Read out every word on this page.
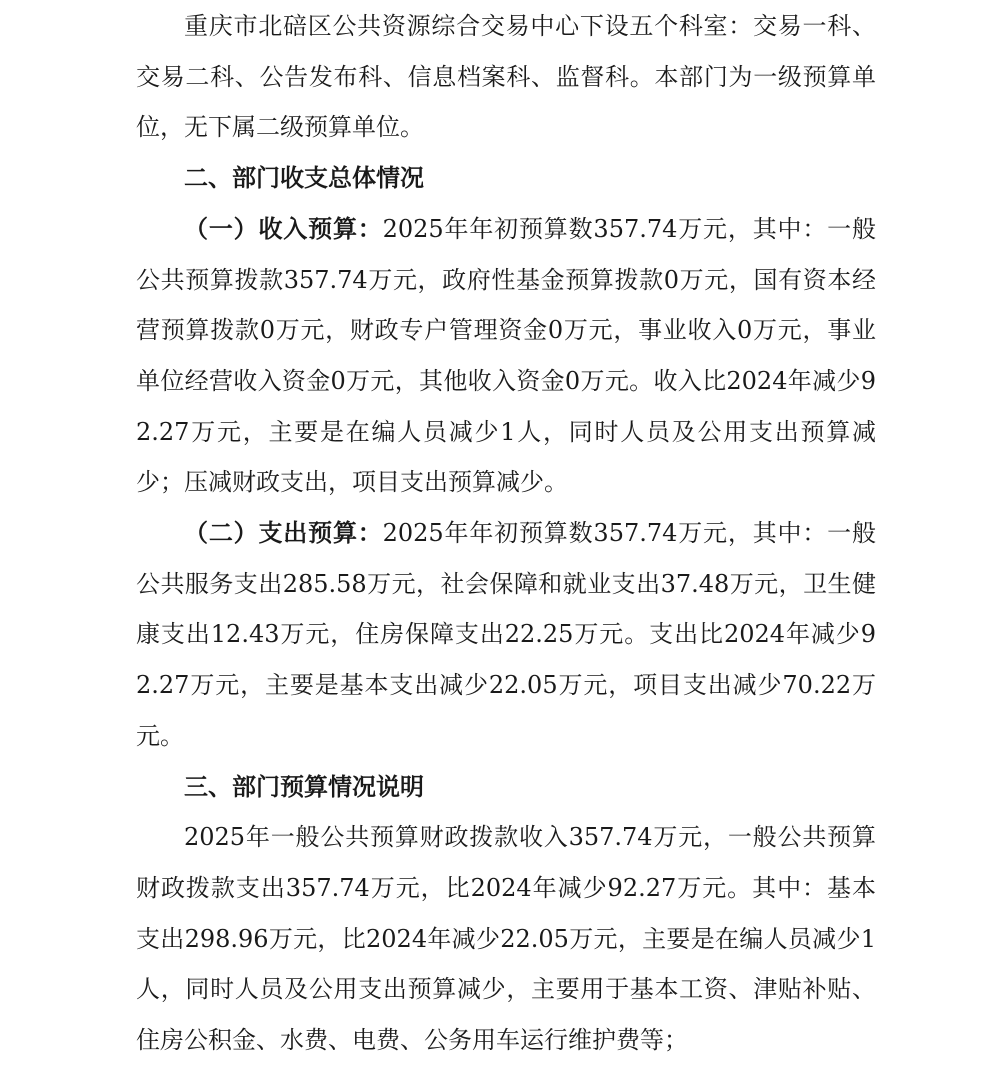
重庆市北碚区公共资源综合交易中心下设五个科室：交易一科、交易二科、公告发布科、信息档案科、监督科。本部门为一级预算单位，无下属二级预算单位。

二、部门收支总体情况

（一）收入预算：2025年年初预算数357.74万元，其中：一般公共预算拨款357.74万元，政府性基金预算拨款0万元，国有资本经营预算拨款0万元，财政专户管理资金0万元，事业收入0万元，事业单位经营收入资金0万元，其他收入资金0万元。收入比2024年减少92.27万元，主要是在编人员减少1人，同时人员及公用支出预算减少；压减财政支出，项目支出预算减少。

（二）支出预算：2025年年初预算数357.74万元，其中：一般公共服务支出285.58万元，社会保障和就业支出37.48万元，卫生健康支出12.43万元，住房保障支出22.25万元。支出比2024年减少92.27万元，主要是基本支出减少22.05万元，项目支出减少70.22万元。

三、部门预算情况说明

2025年一般公共预算财政拨款收入357.74万元，一般公共预算财政拨款支出357.74万元，比2024年减少92.27万元。其中：基本支出298.96万元，比2024年减少22.05万元，主要是在编人员减少1人，同时人员及公用支出预算减少，主要用于基本工资、津贴补贴、住房公积金、水费、电费、公务用车运行维护费等；
